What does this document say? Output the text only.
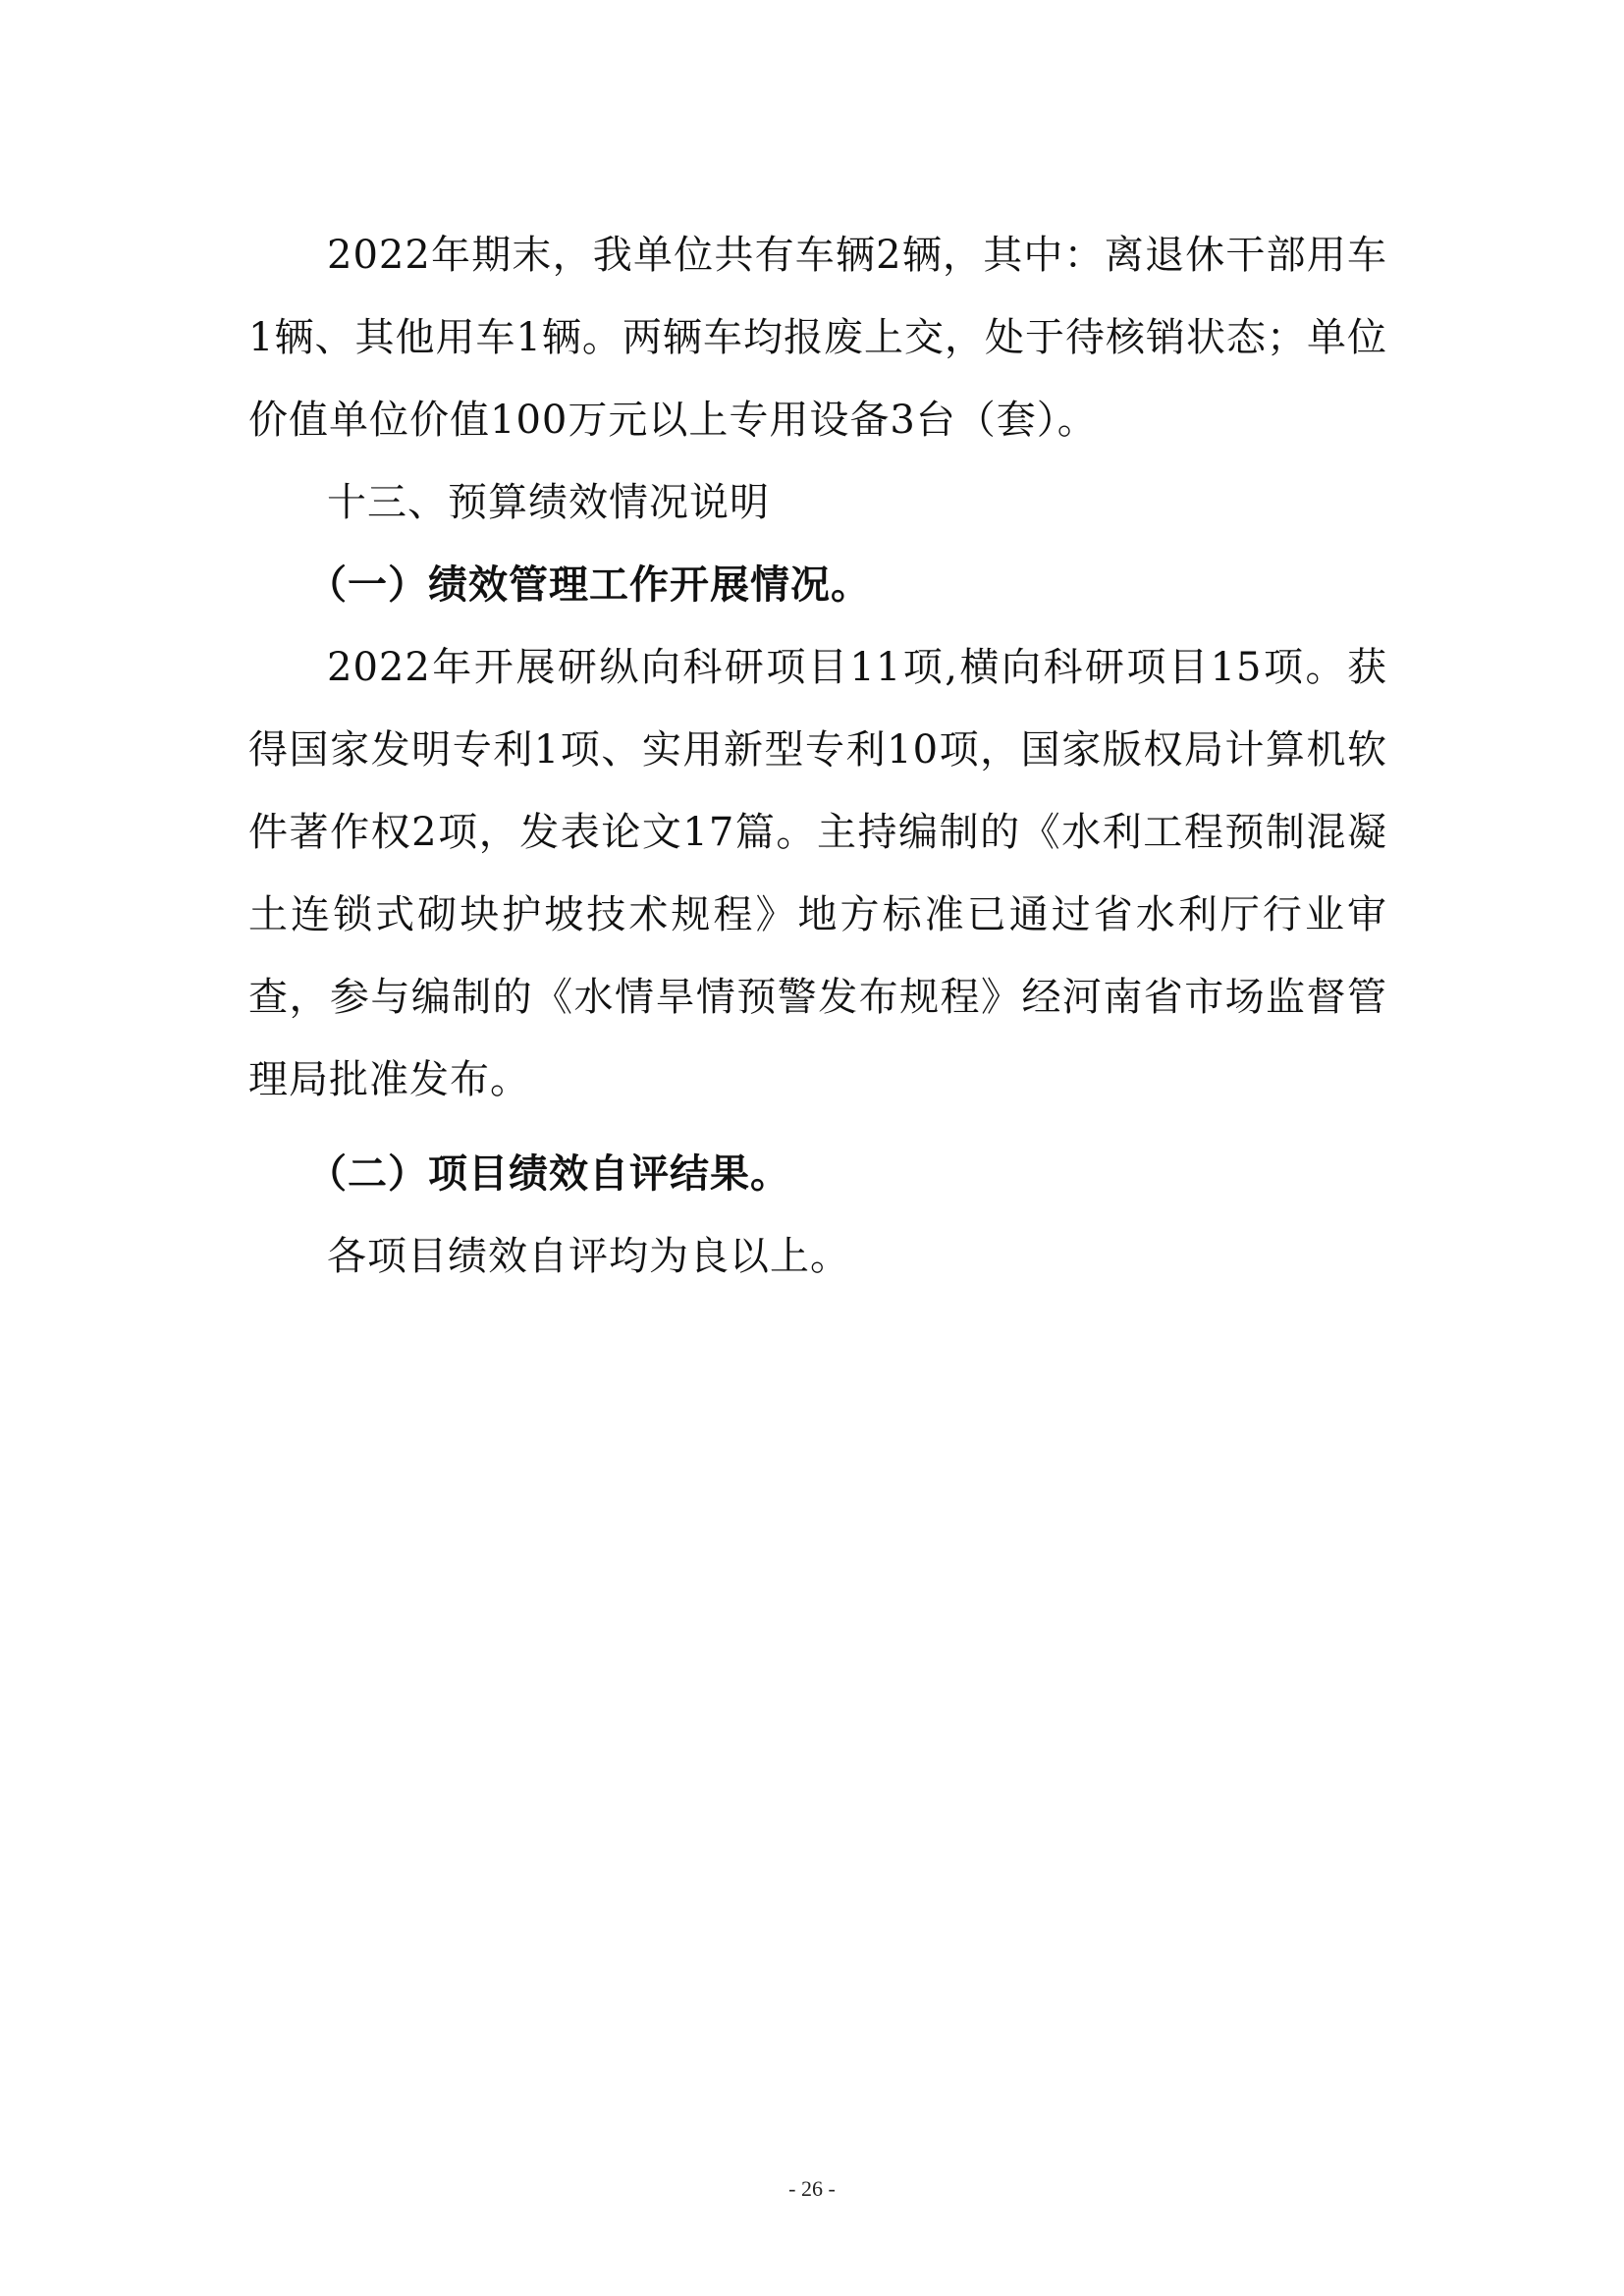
2022年期末，我单位共有车辆2辆，其中：离退休干部用车1辆、其他用车1辆。两辆车均报废上交，处于待核销状态；单位价值单位价值100万元以上专用设备3台（套）。

十三、预算绩效情况说明

（一）绩效管理工作开展情况。

2022年开展研纵向科研项目11项,横向科研项目15项。获得国家发明专利1项、实用新型专利10项，国家版权局计算机软件著作权2项，发表论文17篇。主持编制的《水利工程预制混凝土连锁式砌块护坡技术规程》地方标准已通过省水利厅行业审查，参与编制的《水情旱情预警发布规程》经河南省市场监督管理局批准发布。

（二）项目绩效自评结果。

各项目绩效自评均为良以上。

- 26 -
